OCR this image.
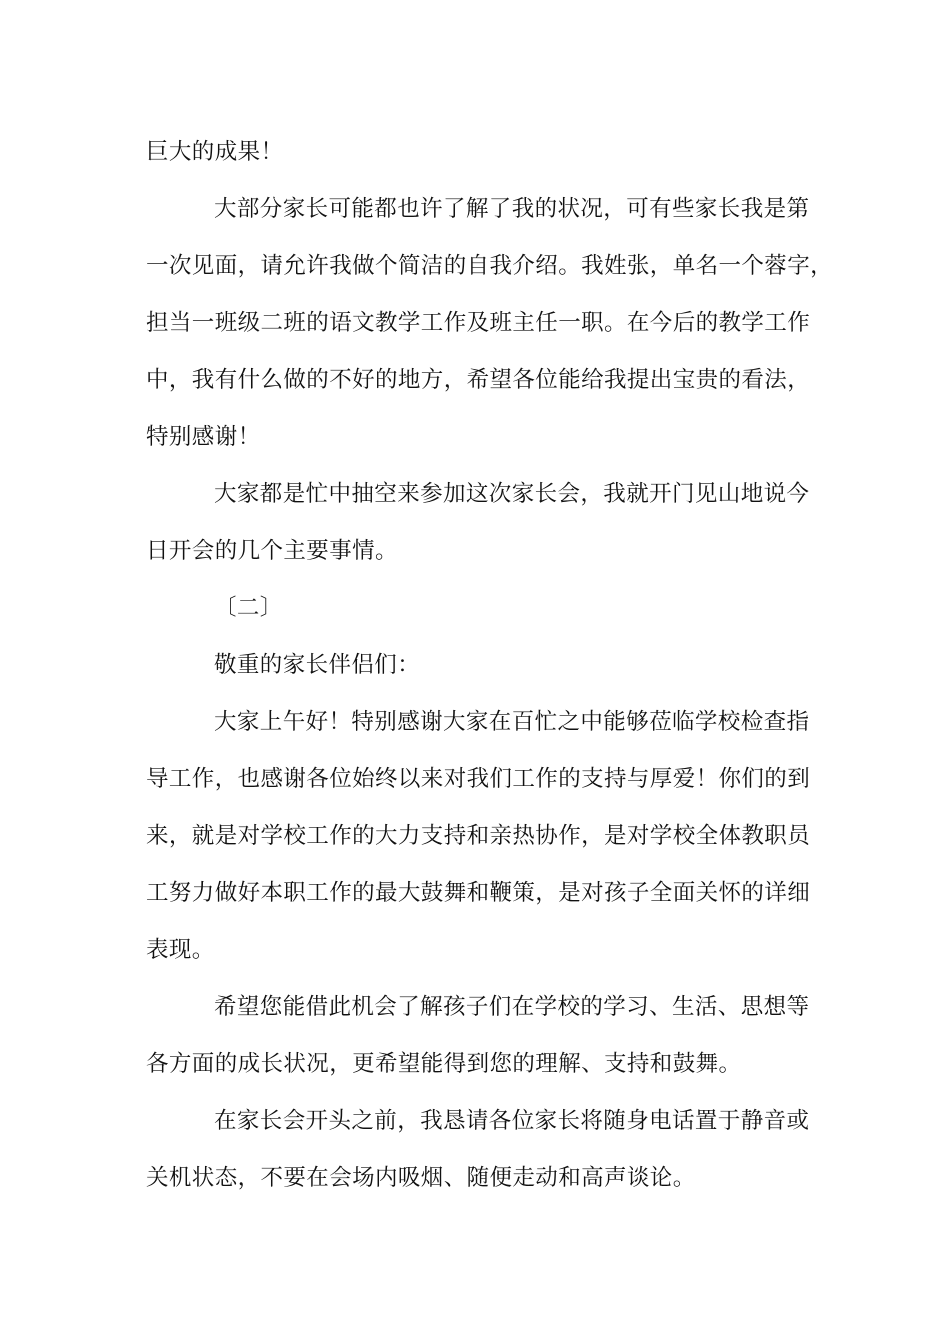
巨大的成果！
大部分家长可能都也许了解了我的状况，可有些家长我是第
一次见面，请允许我做个简洁的自我介绍。我姓张，单名一个蓉字，
担当一班级二班的语文教学工作及班主任一职。在今后的教学工作
中，我有什么做的不好的地方，希望各位能给我提出宝贵的看法，
特别感谢！
大家都是忙中抽空来参加这次家长会，我就开门见山地说今
日开会的几个主要事情。
〔二〕
敬重的家长伴侣们：
大家上午好！特别感谢大家在百忙之中能够莅临学校检查指
导工作，也感谢各位始终以来对我们工作的支持与厚爱！你们的到
来，就是对学校工作的大力支持和亲热协作，是对学校全体教职员
工努力做好本职工作的最大鼓舞和鞭策，是对孩子全面关怀的详细
表现。
希望您能借此机会了解孩子们在学校的学习、生活、思想等
各方面的成长状况，更希望能得到您的理解、支持和鼓舞。
在家长会开头之前，我恳请各位家长将随身电话置于静音或
关机状态，不要在会场内吸烟、随便走动和高声谈论。
